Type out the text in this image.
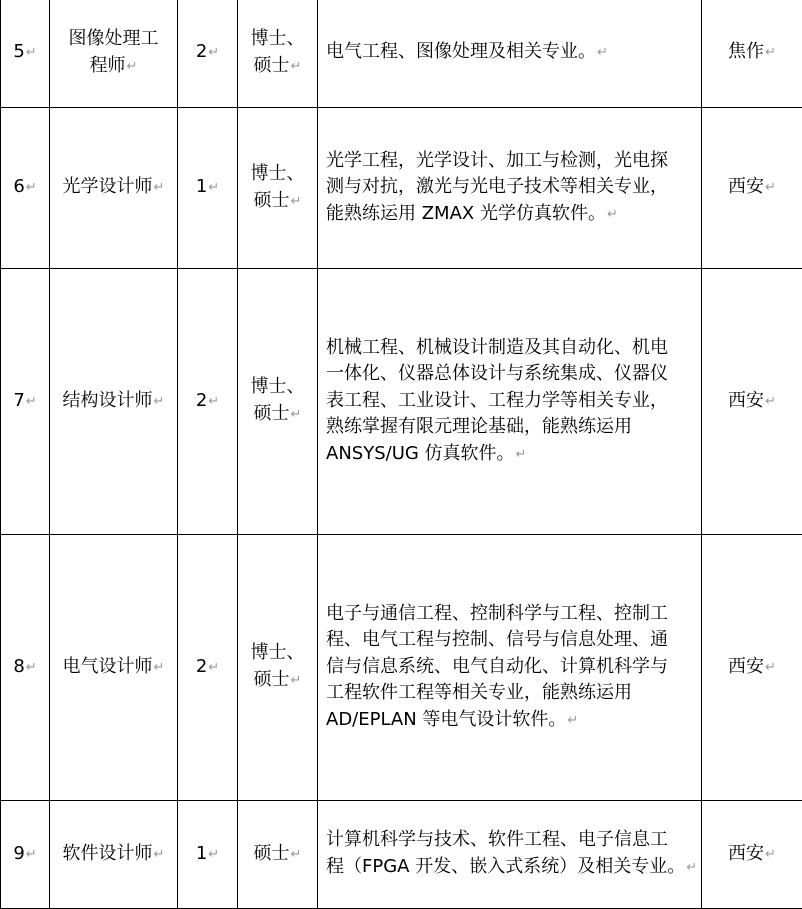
5↵	图像处理工
程师↵	2↵	博士、
硕士↵	电气工程、图像处理及相关专业。↵	焦作↵
6↵	光学设计师↵	1↵	博士、
硕士↵	光学工程，光学设计、加工与检测，光电探
测与对抗，激光与光电子技术等相关专业，
能熟练运用 ZMAX 光学仿真软件。↵	西安↵
7↵	结构设计师↵	2↵	博士、
硕士↵	机械工程、机械设计制造及其自动化、机电
一体化、仪器总体设计与系统集成、仪器仪
表工程、工业设计、工程力学等相关专业，
熟练掌握有限元理论基础，能熟练运用
ANSYS/UG 仿真软件。↵	西安↵
8↵	电气设计师↵	2↵	博士、
硕士↵	电子与通信工程、控制科学与工程、控制工
程、电气工程与控制、信号与信息处理、通
信与信息系统、电气自动化、计算机科学与
工程软件工程等相关专业，能熟练运用
AD/EPLAN 等电气设计软件。↵	西安↵
9↵	软件设计师↵	1↵	硕士↵	计算机科学与技术、软件工程、电子信息工
程（FPGA 开发、嵌入式系统）及相关专业。↵	西安↵
